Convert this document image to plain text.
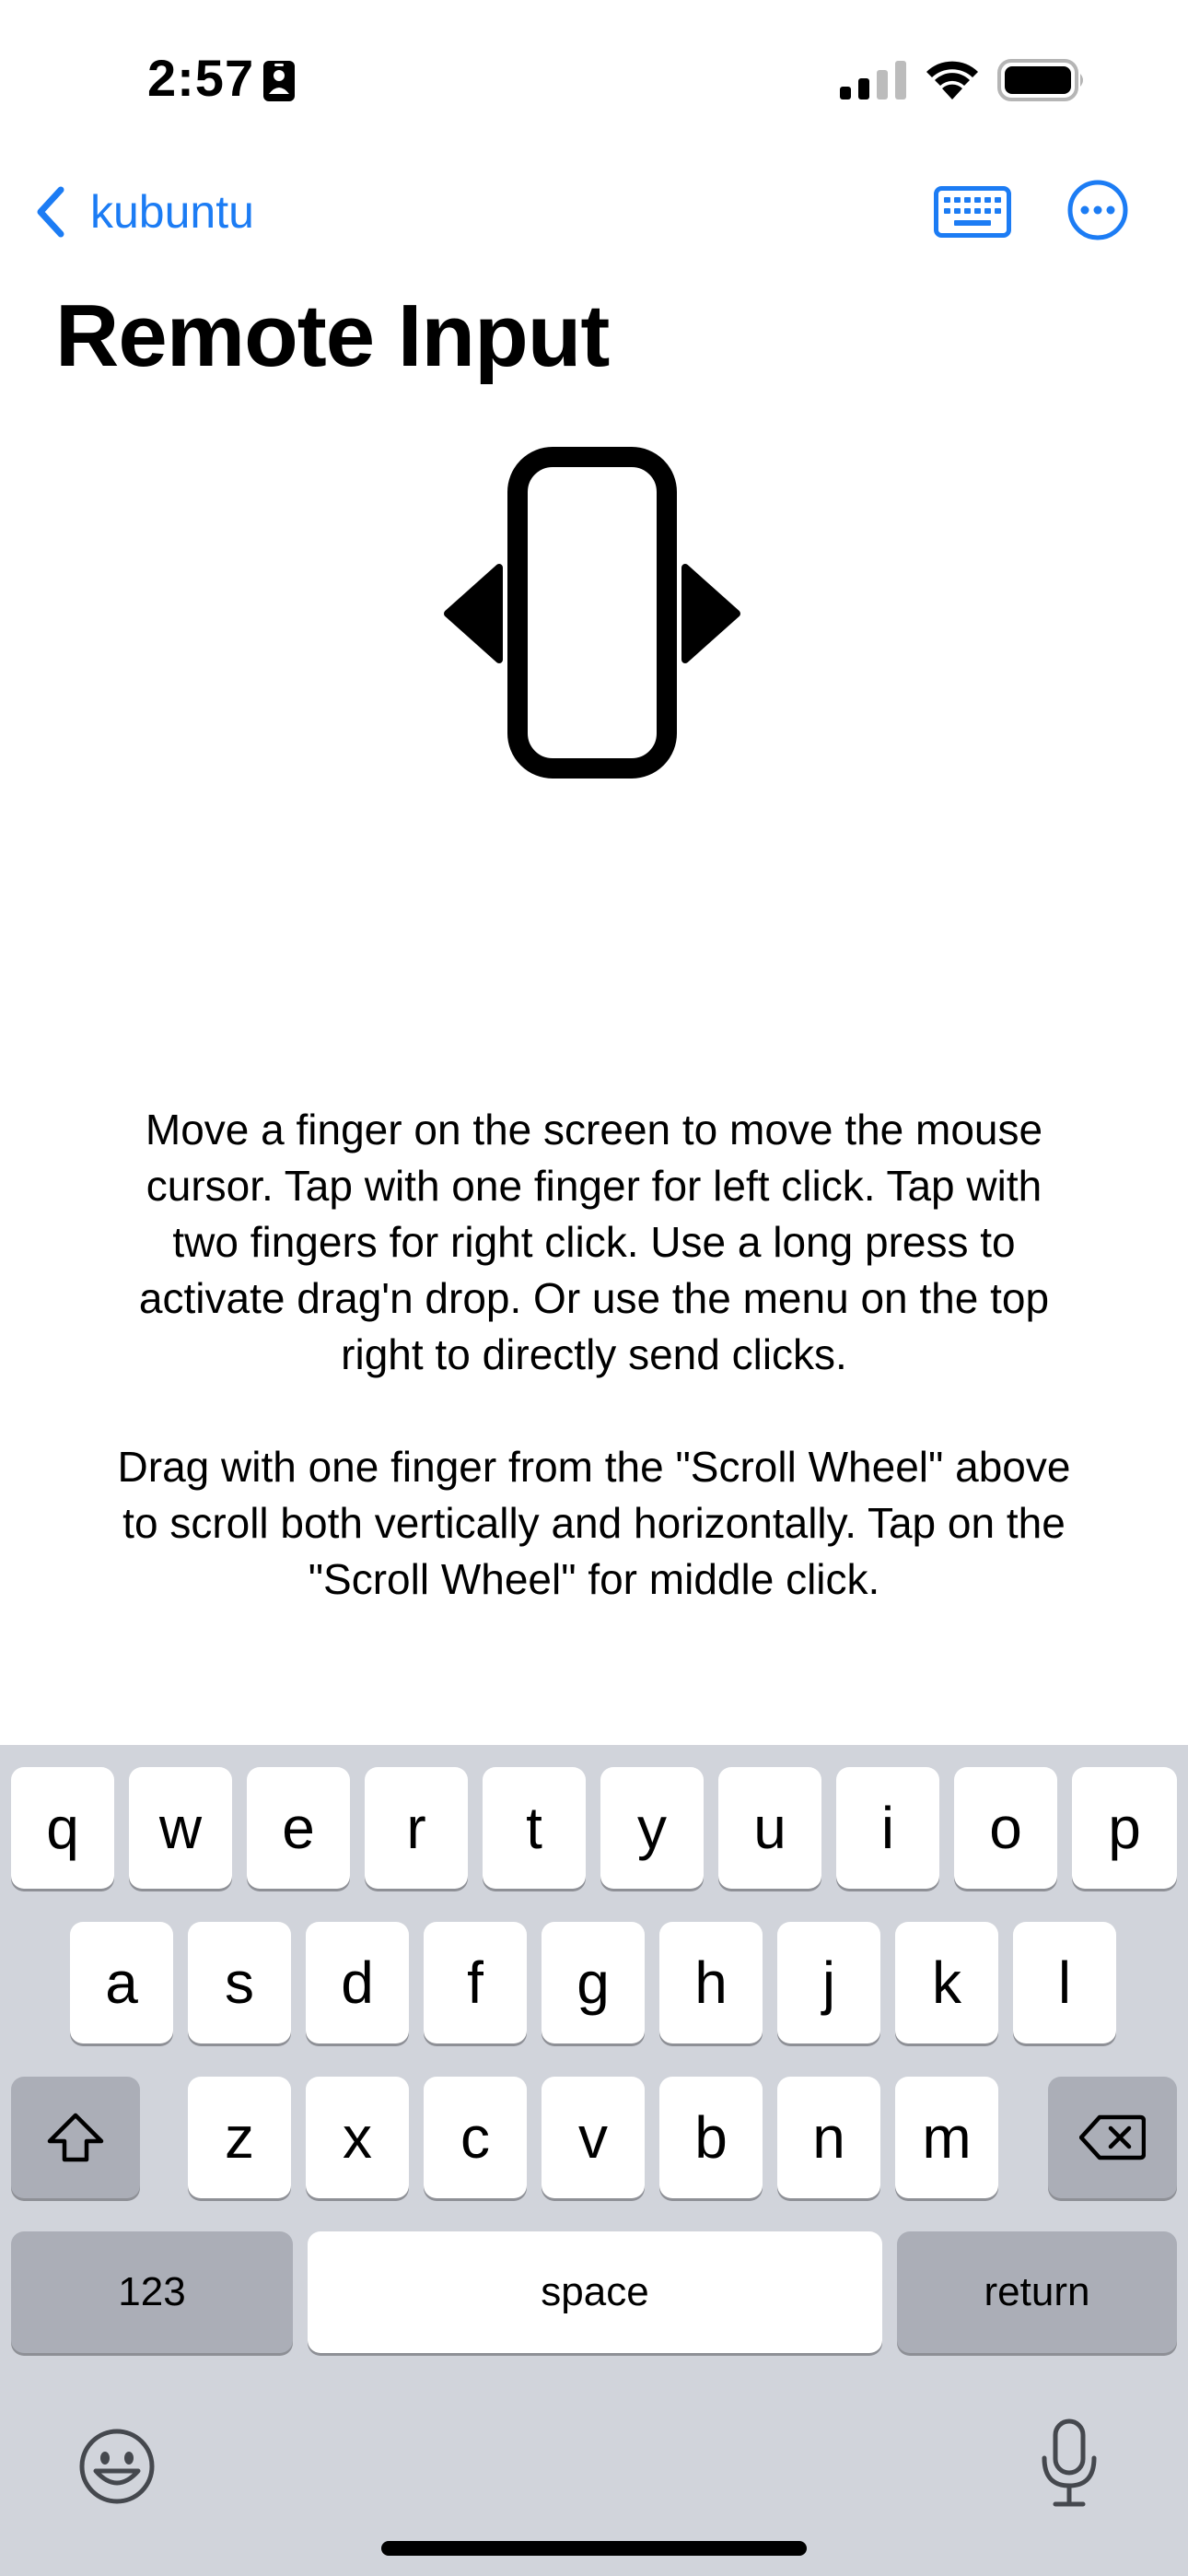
2:57
kubuntu
Remote Input

Move a finger on the screen to move the mouse cursor. Tap with one finger for left click. Tap with two fingers for right click. Use a long press to activate drag'n drop. Or use the menu on the top right to directly send clicks.

Drag with one finger from the "Scroll Wheel" above to scroll both vertically and horizontally. Tap on the "Scroll Wheel" for middle click.

q	w	e	r	t	y	u	i	o	p
a	s	d	f	g	h	j	k	l
z	x	c	v	b	n	m
123	space	return
